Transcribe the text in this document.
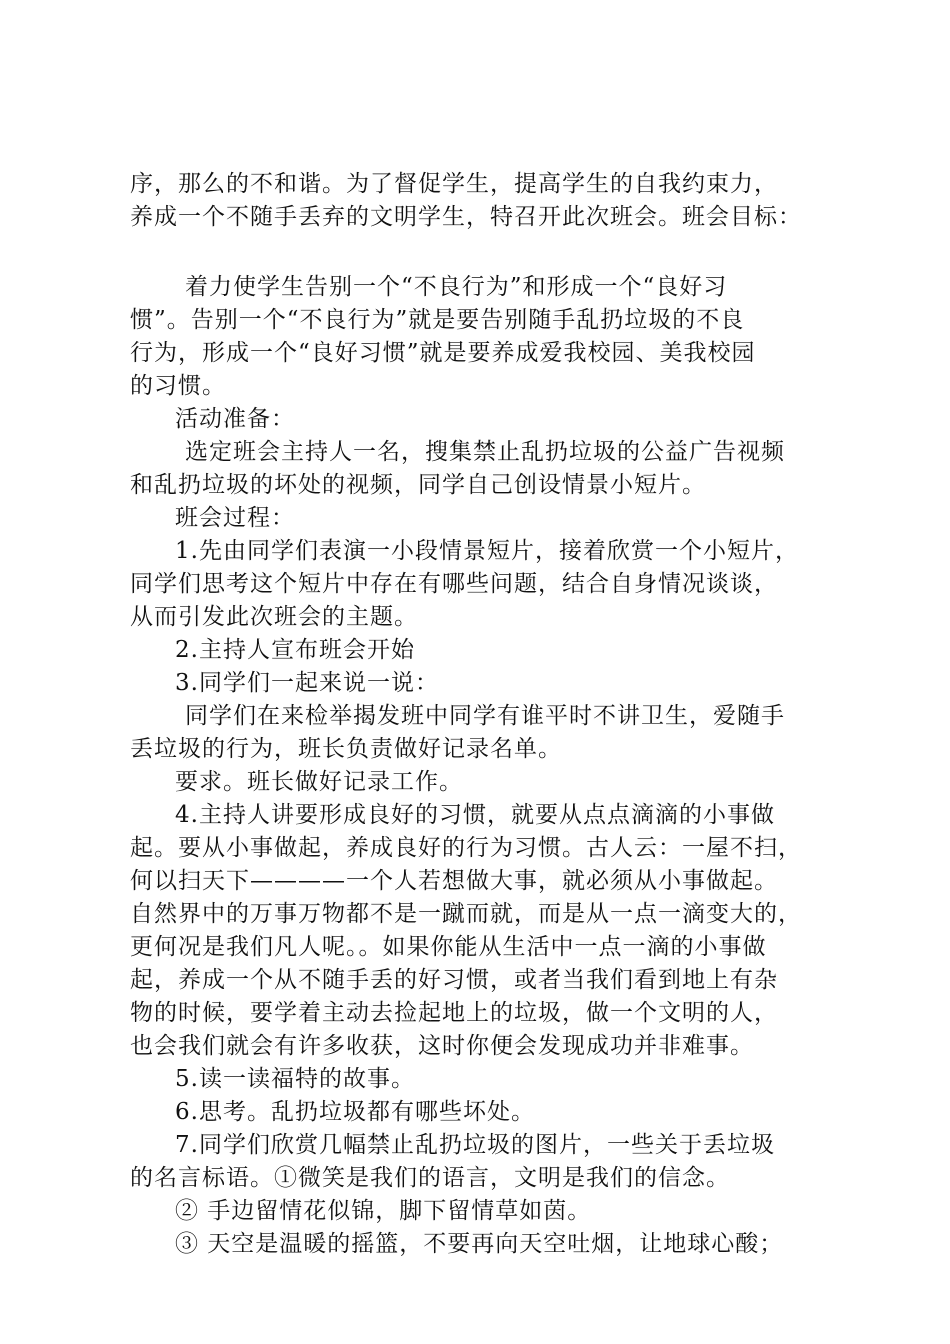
序，那么的不和谐。为了督促学生，提高学生的自我约束力，
养成一个不随手丢弃的文明学生，特召开此次班会。班会目标：
着力使学生告别一个“不良行为”和形成一个“良好习
惯”。告别一个“不良行为”就是要告别随手乱扔垃圾的不良
行为，形成一个“良好习惯”就是要养成爱我校园、美我校园
的习惯。
活动准备：
选定班会主持人一名，搜集禁止乱扔垃圾的公益广告视频
和乱扔垃圾的坏处的视频，同学自己创设情景小短片。
班会过程：
1.先由同学们表演一小段情景短片，接着欣赏一个小短片，
同学们思考这个短片中存在有哪些问题，结合自身情况谈谈，
从而引发此次班会的主题。
2.主持人宣布班会开始
3.同学们一起来说一说：
同学们在来检举揭发班中同学有谁平时不讲卫生，爱随手
丢垃圾的行为，班长负责做好记录名单。
要求。班长做好记录工作。
4.主持人讲要形成良好的习惯，就要从点点滴滴的小事做
起。要从小事做起，养成良好的行为习惯。古人云：一屋不扫，
何以扫天下————一个人若想做大事，就必须从小事做起。
自然界中的万事万物都不是一蹴而就，而是从一点一滴变大的，
更何况是我们凡人呢。。如果你能从生活中一点一滴的小事做
起，养成一个从不随手丢的好习惯，或者当我们看到地上有杂
物的时候，要学着主动去捡起地上的垃圾，做一个文明的人，
也会我们就会有许多收获，这时你便会发现成功并非难事。
5.读一读福特的故事。
6.思考。乱扔垃圾都有哪些坏处。
7.同学们欣赏几幅禁止乱扔垃圾的图片，一些关于丢垃圾
的名言标语。①微笑是我们的语言，文明是我们的信念。
② 手边留情花似锦，脚下留情草如茵。
③ 天空是温暖的摇篮，不要再向天空吐烟，让地球心酸；
